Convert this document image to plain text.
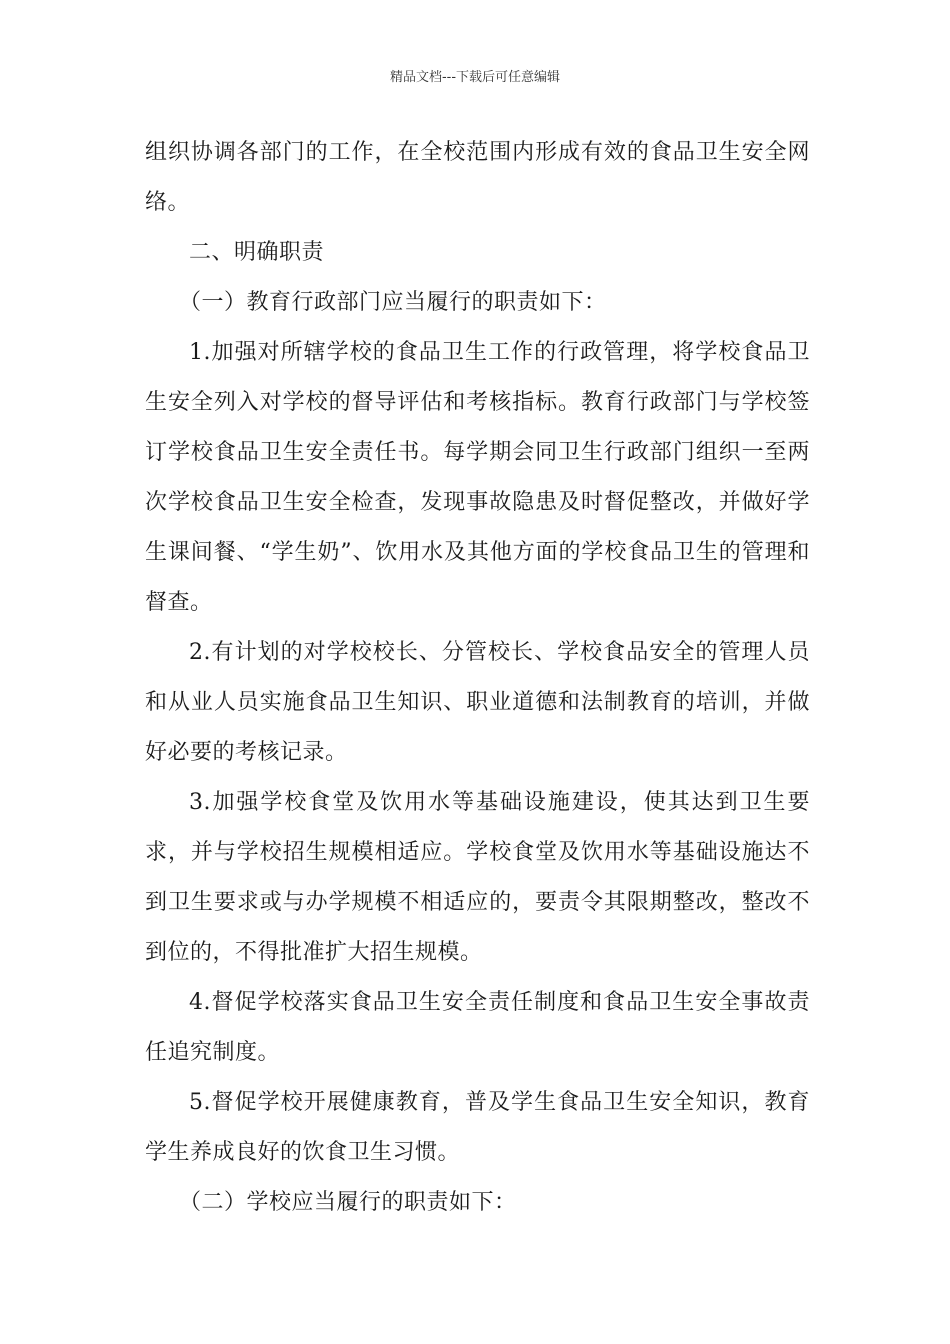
精品文档---下载后可任意编辑

组织协调各部门的工作，在全校范围内形成有效的食品卫生安全网络。

二、明确职责

（一）教育行政部门应当履行的职责如下：

1.加强对所辖学校的食品卫生工作的行政管理，将学校食品卫生安全列入对学校的督导评估和考核指标。教育行政部门与学校签订学校食品卫生安全责任书。每学期会同卫生行政部门组织一至两次学校食品卫生安全检查，发现事故隐患及时督促整改，并做好学生课间餐、“学生奶”、饮用水及其他方面的学校食品卫生的管理和督查。

2.有计划的对学校校长、分管校长、学校食品安全的管理人员和从业人员实施食品卫生知识、职业道德和法制教育的培训，并做好必要的考核记录。

3.加强学校食堂及饮用水等基础设施建设，使其达到卫生要求，并与学校招生规模相适应。学校食堂及饮用水等基础设施达不到卫生要求或与办学规模不相适应的，要责令其限期整改，整改不到位的，不得批准扩大招生规模。

4.督促学校落实食品卫生安全责任制度和食品卫生安全事故责任追究制度。

5.督促学校开展健康教育，普及学生食品卫生安全知识，教育学生养成良好的饮食卫生习惯。

（二）学校应当履行的职责如下：
